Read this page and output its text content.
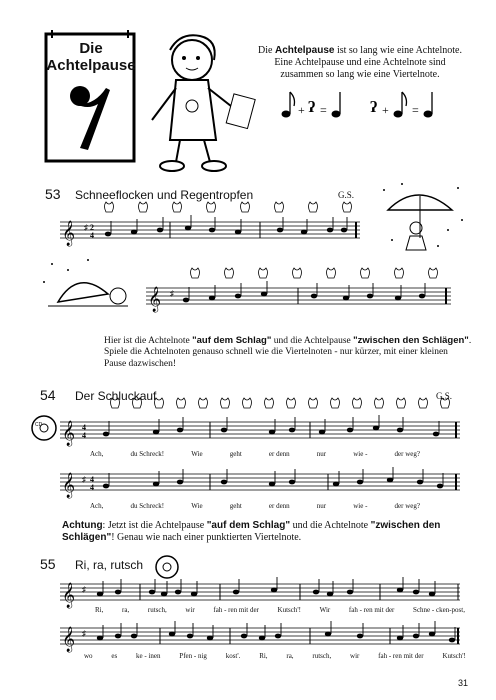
Die
Achtelpause
Die Achtelpause ist so lang wie eine Achtelnote.
Eine Achtelpause und eine Achtelnote sind
zusammen so lang wie eine Viertelnote.
+ ʔ =	ʔ + =
53 Schneeflocken und Regentropfen	G.S.
𝄞 ♯ 2
4
𝄞 ♯
Hier ist die Achtelnote "auf dem Schlag" und die Achtelpause "zwischen den Schlägen".
Spiele die Achtelnoten genauso schnell wie die Viertelnoten - nur kürzer, mit einer kleinen
Pause dazwischen!
54 Der Schluckauf	G.S.
CD 𝄞 4
4
Ach,	du Schreck!	Wie	geht	er denn	nur	wie -	der weg?
𝄞 ♯ 4
4
Ach,	du Schreck!	Wie	geht	er denn	nur	wie -	der weg?
Achtung: Jetzt ist die Achtelpause "auf dem Schlag" und die Achtelnote "zwischen den
Schlägen"! Genau wie nach einer punktierten Viertelnote.
55 Ri, ra, rutsch
𝄞 ♯
Ri,	ra,	rutsch,	wir	fah - ren mit der	Kutsch'!	Wir	fah - ren mit der	Schne - cken-post,
𝄞 ♯
wo	es	ke - inen	Pfen - nig	kost'.	Ri,	ra,	rutsch,	wir	fah - ren mit der	Kutsch'!
31
